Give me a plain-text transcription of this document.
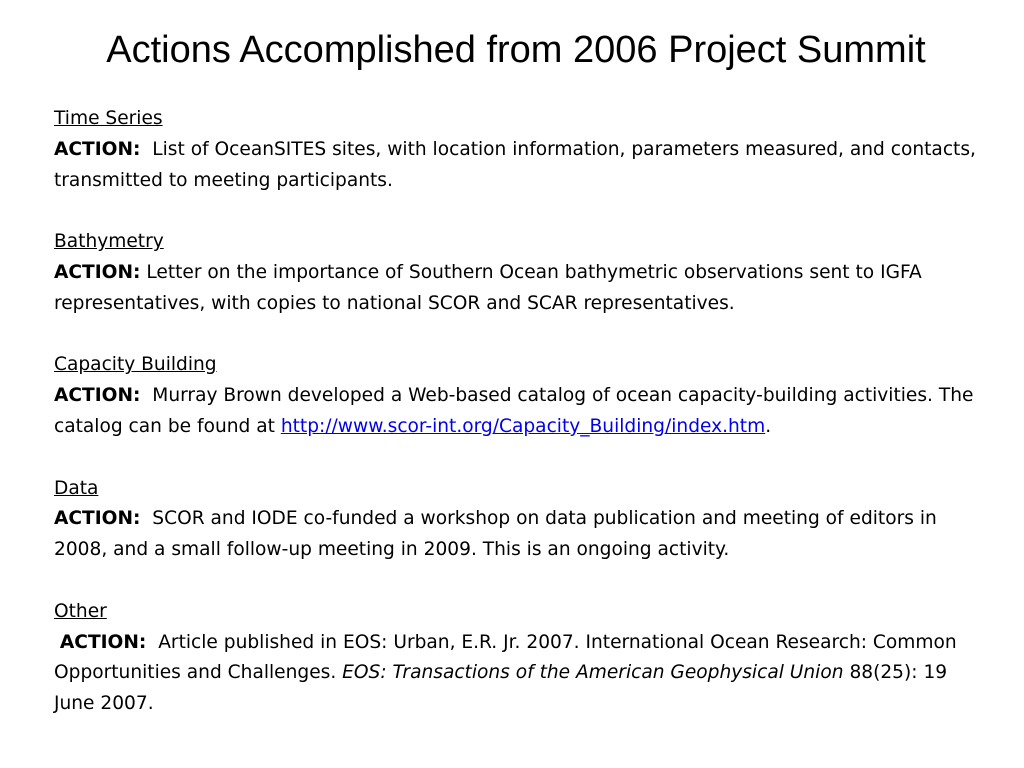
Actions Accomplished from 2006 Project Summit
Time Series
ACTION: List of OceanSITES sites, with location information, parameters measured, and contacts, transmitted to meeting participants.
Bathymetry
ACTION: Letter on the importance of Southern Ocean bathymetric observations sent to IGFA representatives, with copies to national SCOR and SCAR representatives.
Capacity Building
ACTION: Murray Brown developed a Web-based catalog of ocean capacity-building activities. The catalog can be found at http://www.scor-int.org/Capacity_Building/index.htm.
Data
ACTION: SCOR and IODE co-funded a workshop on data publication and meeting of editors in 2008, and a small follow-up meeting in 2009. This is an ongoing activity.
Other
ACTION: Article published in EOS: Urban, E.R. Jr. 2007. International Ocean Research: Common Opportunities and Challenges. EOS: Transactions of the American Geophysical Union 88(25): 19 June 2007.
